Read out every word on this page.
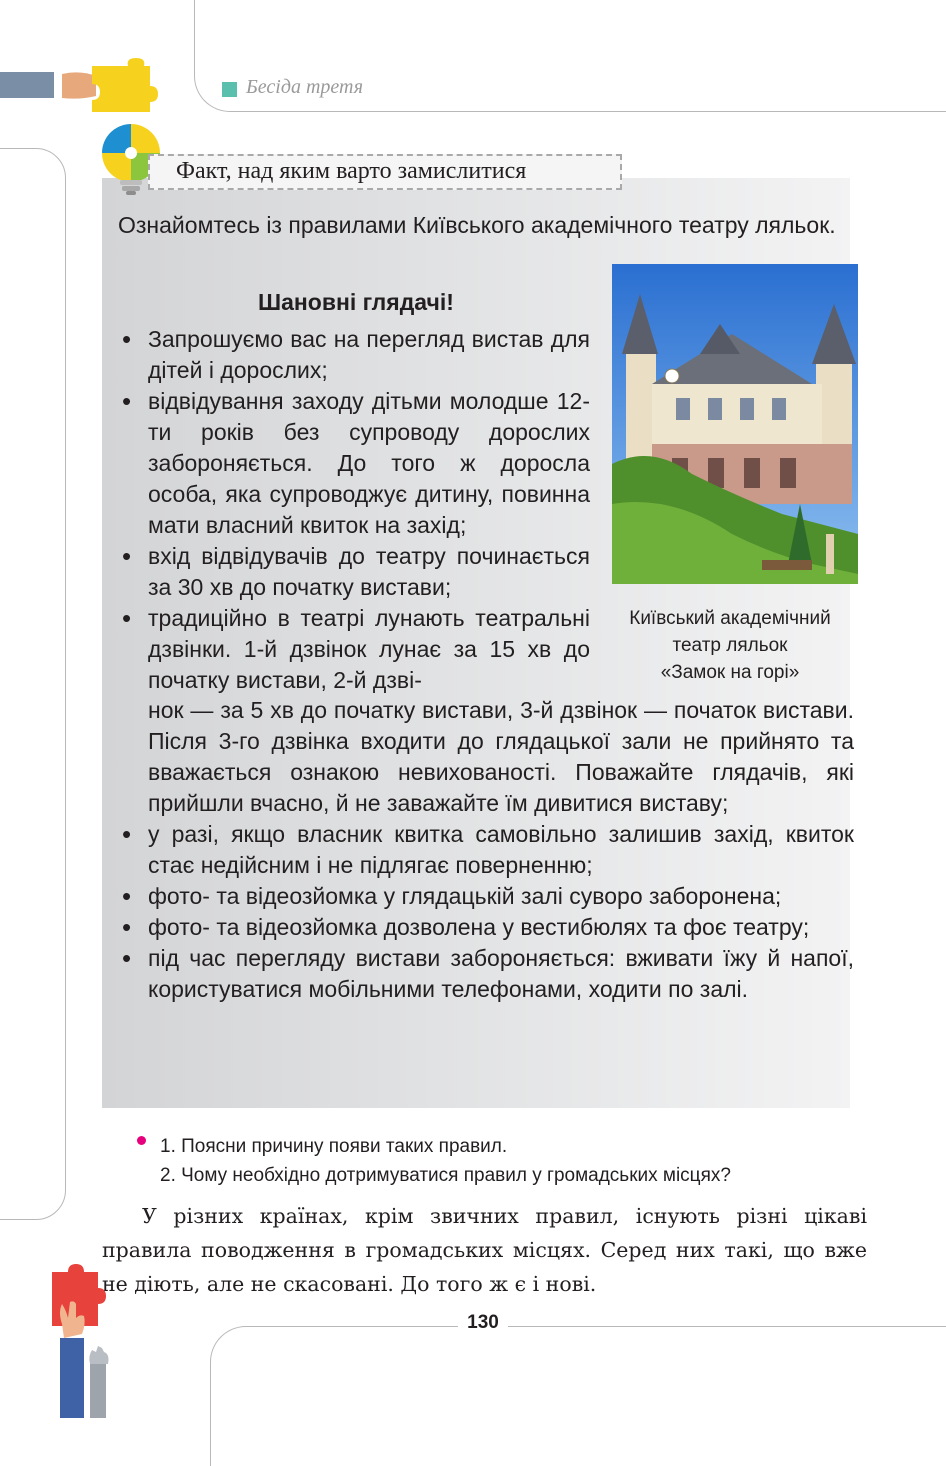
Бесіда третя
Факт, над яким варто замислитися
Ознайомтесь із правилами Київського академічного театру ляльок.
Шановні глядачі!
• Запрошуємо вас на перегляд вистав для дітей і дорослих;
• відвідування заходу дітьми молодше 12-ти років без супроводу дорослих забороняється. До того ж доросла особа, яка супроводжує дитину, повинна мати власний квиток на захід;
• вхід відвідувачів до театру починається за 30 хв до початку вистави;
• традиційно в театрі лунають театральні дзвінки. 1-й дзвінок лунає за 15 хв до початку вистави, 2-й дзві-
нок — за 5 хв до початку вистави, 3-й дзвінок — початок вистави. Після 3-го дзвінка входити до глядацької зали не прийнято та вважається ознакою невихованості. Поважайте глядачів, які прийшли вчасно, й не заважайте їм дивитися виставу;
• у разі, якщо власник квитка самовільно залишив захід, квиток стає недійсним і не підлягає поверненню;
• фото- та відеозйомка у глядацькій залі суворо заборонена;
• фото- та відеозйомка дозволена у вестибюлях та фоє театру;
• під час перегляду вистави забороняється: вживати їжу й напої, користуватися мобільними телефонами, ходити по залі.
Київський академічний
театр ляльок
«Замок на горі»
1. Поясни причину появи таких правил.
2. Чому необхідно дотримуватися правил у громадських місцях?
У різних країнах, крім звичних правил, існують різні цікаві правила поводження в громадських місцях. Серед них такі, що вже не діють, але не скасовані. До того ж є і нові.
130
